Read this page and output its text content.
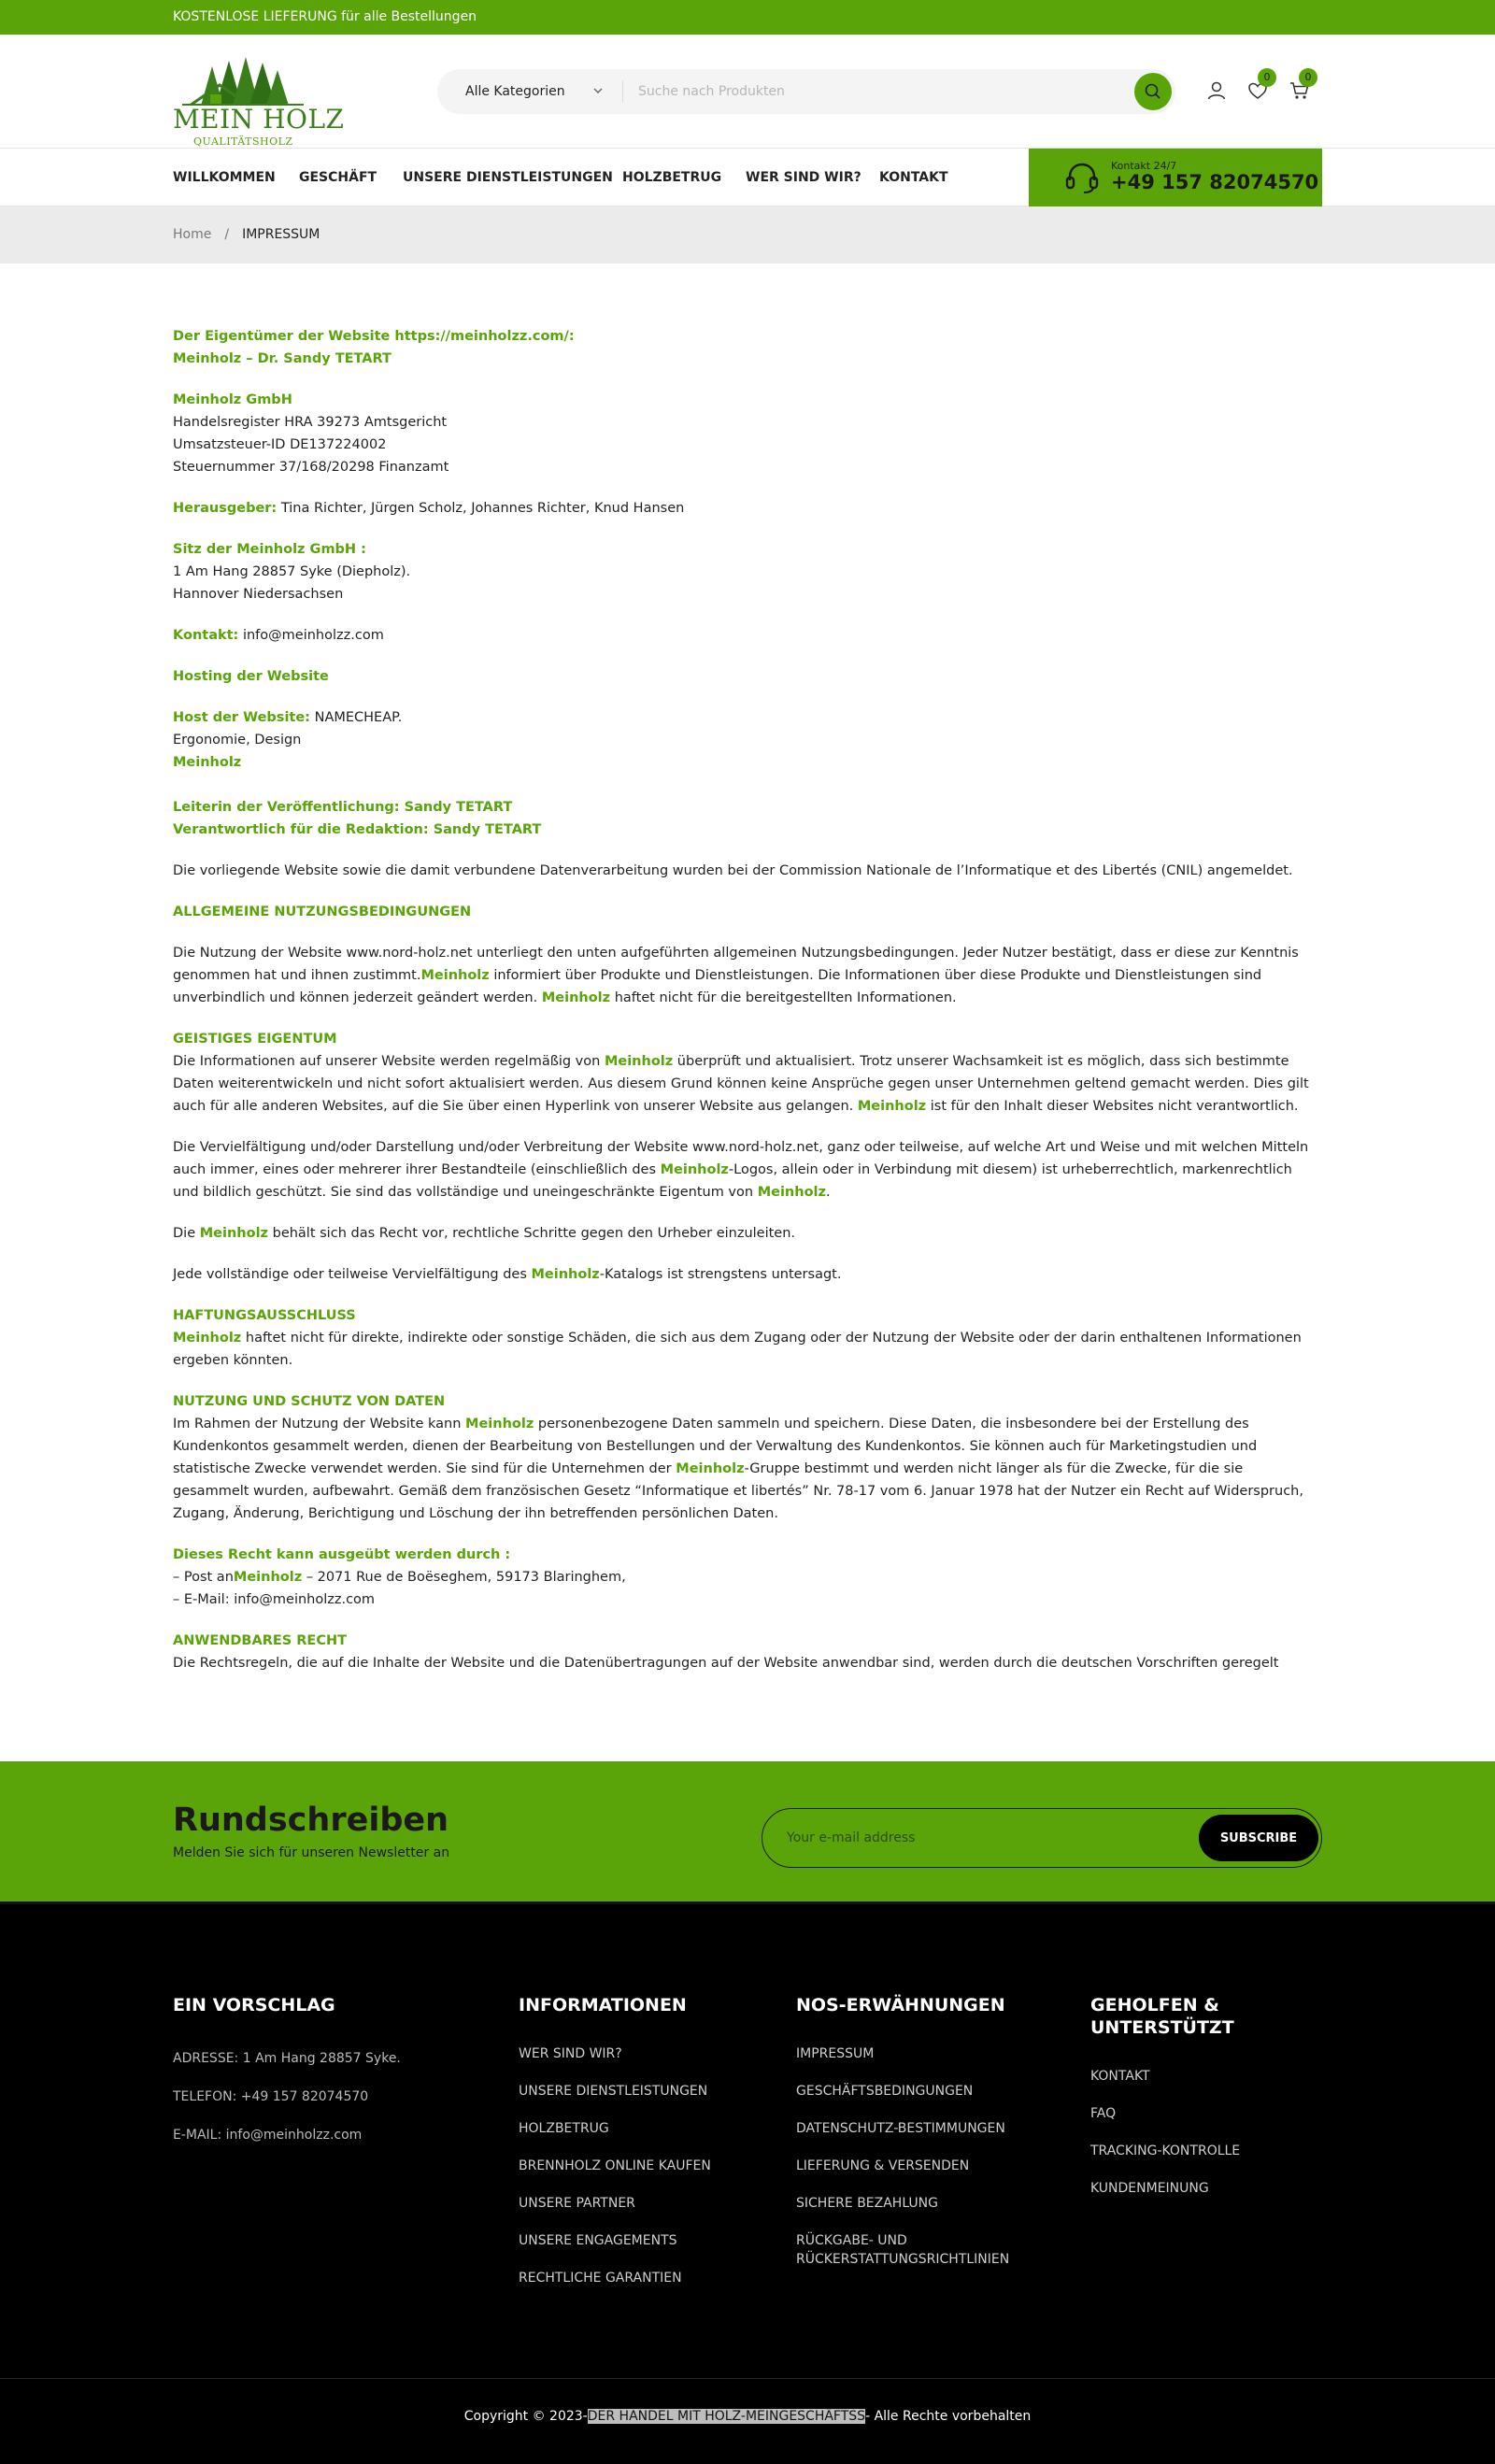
KOSTENLOSE LIEFERUNG für alle Bestellungen
MEIN HOLZ
QUALITÄTSHOLZ
Alle Kategorien
Suche nach Produkten
0	0
WILLKOMMEN GESCHÄFT UNSERE DIENSTLEISTUNGEN HOLZBETRUG WER SIND WIR? KONTAKT
Kontakt 24/7
+49 157 82074570
Home / IMPRESSUM

Der Eigentümer der Website https://meinholzz.com/:

Meinholz – Dr. Sandy TETART

Meinholz GmbH

Handelsregister HRA 39273 Amtsgericht

Umsatzsteuer-ID DE137224002

Steuernummer 37/168/20298 Finanzamt

Herausgeber: Tina Richter, Jürgen Scholz, Johannes Richter, Knud Hansen

Sitz der Meinholz GmbH :

1 Am Hang 28857 Syke (Diepholz).

Hannover Niedersachsen

Kontakt: info@meinholzz.com

Hosting der Website

Host der Website: NAMECHEAP.

Ergonomie, Design

Meinholz

Leiterin der Veröffentlichung: Sandy TETART

Verantwortlich für die Redaktion: Sandy TETART

Die vorliegende Website sowie die damit verbundene Datenverarbeitung wurden bei der Commission Nationale de l’Informatique et des Libertés (CNIL) angemeldet.

ALLGEMEINE NUTZUNGSBEDINGUNGEN

Die Nutzung der Website www.nord-holz.net unterliegt den unten aufgeführten allgemeinen Nutzungsbedingungen. Jeder Nutzer bestätigt, dass er diese zur Kenntnis genommen hat und ihnen zustimmt.Meinholz informiert über Produkte und Dienstleistungen. Die Informationen über diese Produkte und Dienstleistungen sind unverbindlich und können jederzeit geändert werden. Meinholz haftet nicht für die bereitgestellten Informationen.

GEISTIGES EIGENTUM

Die Informationen auf unserer Website werden regelmäßig von Meinholz überprüft und aktualisiert. Trotz unserer Wachsamkeit ist es möglich, dass sich bestimmte Daten weiterentwickeln und nicht sofort aktualisiert werden. Aus diesem Grund können keine Ansprüche gegen unser Unternehmen geltend gemacht werden. Dies gilt auch für alle anderen Websites, auf die Sie über einen Hyperlink von unserer Website aus gelangen. Meinholz ist für den Inhalt dieser Websites nicht verantwortlich.

Die Vervielfältigung und/oder Darstellung und/oder Verbreitung der Website www.nord-holz.net, ganz oder teilweise, auf welche Art und Weise und mit welchen Mitteln auch immer, eines oder mehrerer ihrer Bestandteile (einschließlich des Meinholz-Logos, allein oder in Verbindung mit diesem) ist urheberrechtlich, markenrechtlich und bildlich geschützt. Sie sind das vollständige und uneingeschränkte Eigentum von Meinholz.

Die Meinholz behält sich das Recht vor, rechtliche Schritte gegen den Urheber einzuleiten.

Jede vollständige oder teilweise Vervielfältigung des Meinholz-Katalogs ist strengstens untersagt.

HAFTUNGSAUSSCHLUSS

Meinholz haftet nicht für direkte, indirekte oder sonstige Schäden, die sich aus dem Zugang oder der Nutzung der Website oder der darin enthaltenen Informationen ergeben könnten.

NUTZUNG UND SCHUTZ VON DATEN

Im Rahmen der Nutzung der Website kann Meinholz personenbezogene Daten sammeln und speichern. Diese Daten, die insbesondere bei der Erstellung des Kundenkontos gesammelt werden, dienen der Bearbeitung von Bestellungen und der Verwaltung des Kundenkontos. Sie können auch für Marketingstudien und statistische Zwecke verwendet werden. Sie sind für die Unternehmen der Meinholz-Gruppe bestimmt und werden nicht länger als für die Zwecke, für die sie gesammelt wurden, aufbewahrt. Gemäß dem französischen Gesetz “Informatique et libertés” Nr. 78-17 vom 6. Januar 1978 hat der Nutzer ein Recht auf Widerspruch, Zugang, Änderung, Berichtigung und Löschung der ihn betreffenden persönlichen Daten.

Dieses Recht kann ausgeübt werden durch :

– Post anMeinholz – 2071 Rue de Boëseghem, 59173 Blaringhem,

– E-Mail: info@meinholzz.com

ANWENDBARES RECHT

Die Rechtsregeln, die auf die Inhalte der Website und die Datenübertragungen auf der Website anwendbar sind, werden durch die deutschen Vorschriften geregelt

Rundschreiben
Melden Sie sich für unseren Newsletter an
Your e-mail address
SUBSCRIBE
EIN VORSCHLAG
ADRESSE: 1 Am Hang 28857 Syke.
TELEFON: +49 157 82074570
E-MAIL: info@meinholzz.com
INFORMATIONEN
WER SIND WIR?
UNSERE DIENSTLEISTUNGEN
HOLZBETRUG
BRENNHOLZ ONLINE KAUFEN
UNSERE PARTNER
UNSERE ENGAGEMENTS
RECHTLICHE GARANTIEN
NOS-ERWÄHNUNGEN
IMPRESSUM
GESCHÄFTSBEDINGUNGEN
DATENSCHUTZ-BESTIMMUNGEN
LIEFERUNG & VERSENDEN
SICHERE BEZAHLUNG
RÜCKGABE- UND RÜCKERSTATTUNGSRICHTLINIEN
GEHOLFEN & UNTERSTÜTZT
KONTAKT
FAQ
TRACKING-KONTROLLE
KUNDENMEINUNG
Copyright © 2023-DER HANDEL MIT HOLZ-MEINGESCHÄFTSS- Alle Rechte vorbehalten
